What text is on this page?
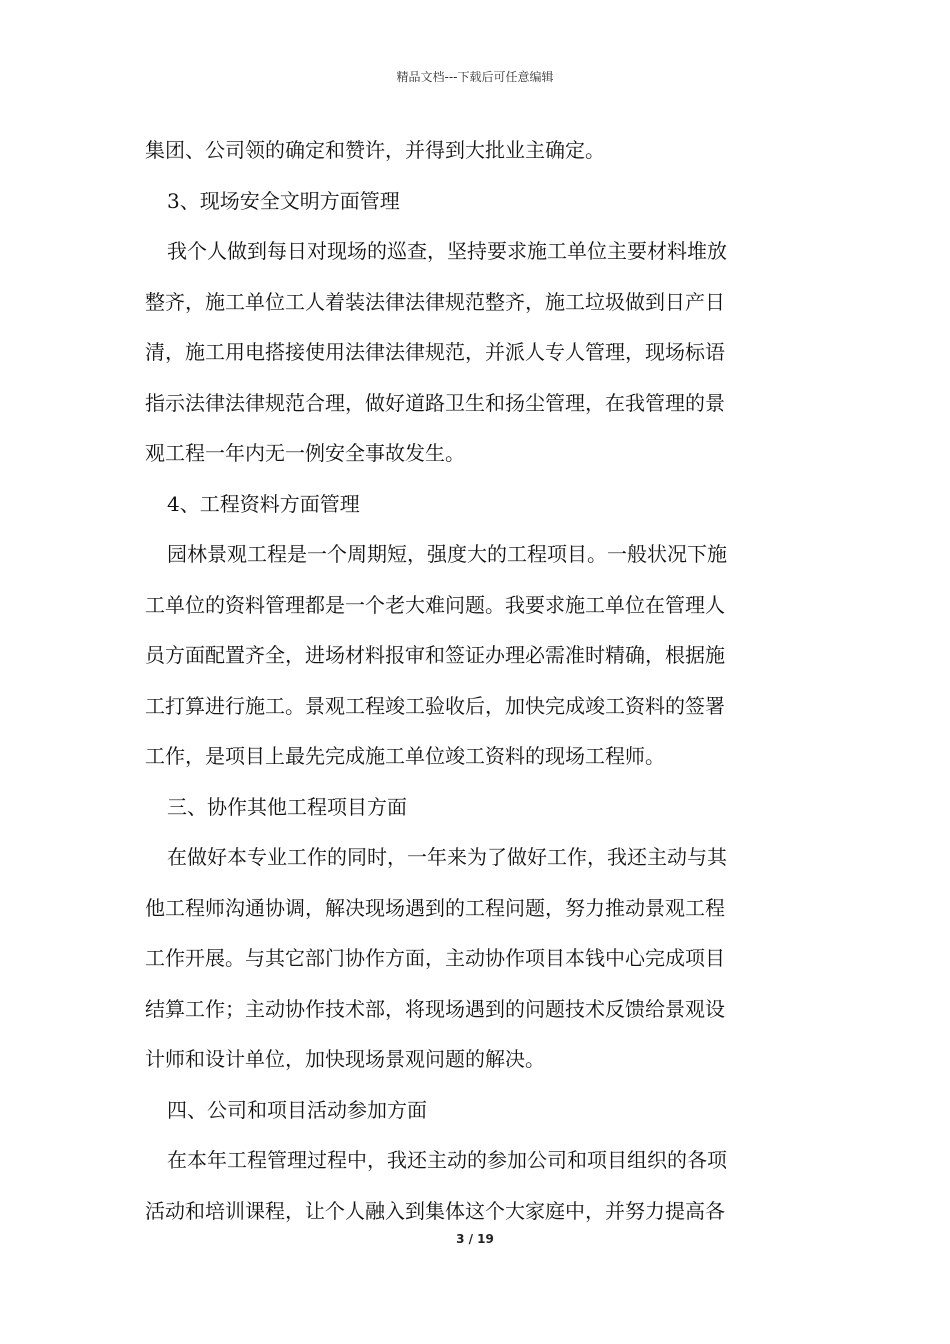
精品文档---下载后可任意编辑
集团、公司领的确定和赞许，并得到大批业主确定。
3、现场安全文明方面管理
我个人做到每日对现场的巡查，坚持要求施工单位主要材料堆放
整齐，施工单位工人着装法律法律规范整齐，施工垃圾做到日产日
清，施工用电搭接使用法律法律规范，并派人专人管理，现场标语
指示法律法律规范合理，做好道路卫生和扬尘管理，在我管理的景
观工程一年内无一例安全事故发生。
4、工程资料方面管理
园林景观工程是一个周期短，强度大的工程项目。一般状况下施
工单位的资料管理都是一个老大难问题。我要求施工单位在管理人
员方面配置齐全，进场材料报审和签证办理必需准时精确，根据施
工打算进行施工。景观工程竣工验收后，加快完成竣工资料的签署
工作，是项目上最先完成施工单位竣工资料的现场工程师。
三、协作其他工程项目方面
在做好本专业工作的同时，一年来为了做好工作，我还主动与其
他工程师沟通协调，解决现场遇到的工程问题，努力推动景观工程
工作开展。与其它部门协作方面，主动协作项目本钱中心完成项目
结算工作；主动协作技术部，将现场遇到的问题技术反馈给景观设
计师和设计单位，加快现场景观问题的解决。
四、公司和项目活动参加方面
在本年工程管理过程中，我还主动的参加公司和项目组织的各项
活动和培训课程，让个人融入到集体这个大家庭中，并努力提高各
3 / 19
